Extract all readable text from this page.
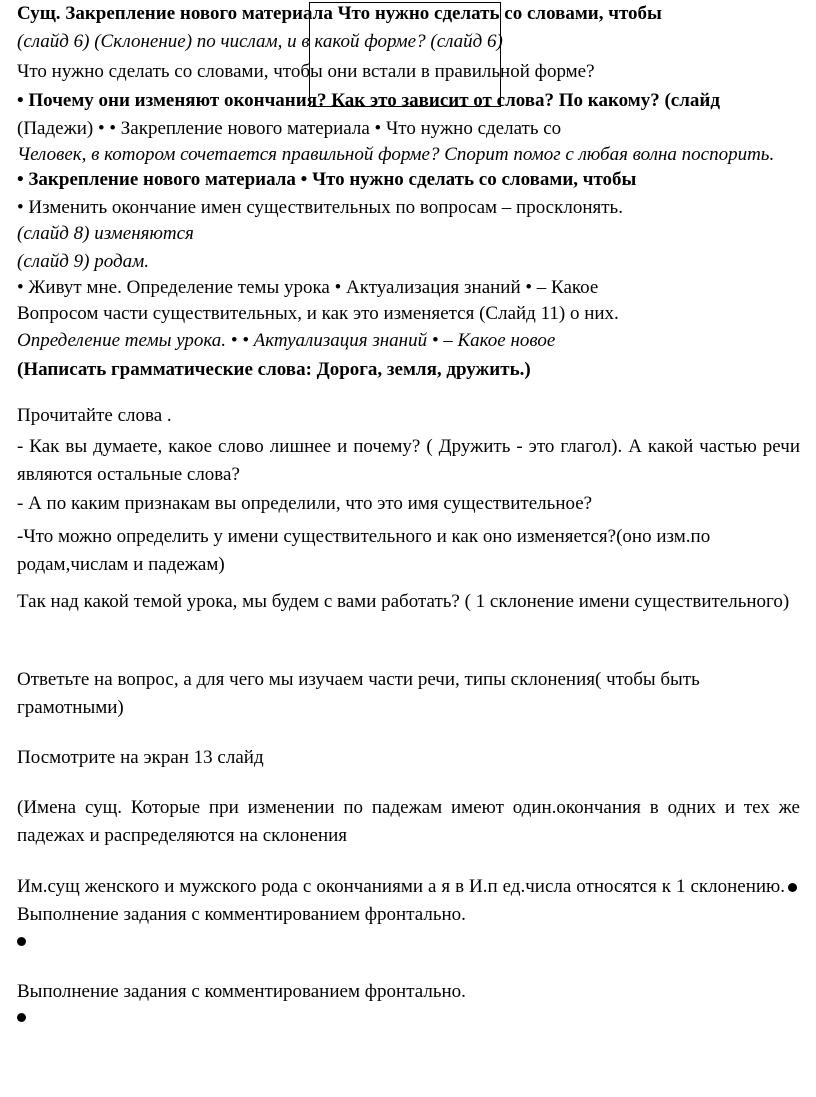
Сущ. Закрепление нового материала Что нужно сделать со словами, чтобы
(слайд 6) (Склонение) по числам, и в какой форме? (слайд 6)
Что нужно сделать со словами, чтобы они встали в правильной форме?
• Почему они изменяют окончания? Как это зависит от слова? По какому? (слайд
(Падежи) • • Закрепление нового материала • Что нужно сделать со
Человек, в котором сочетается правильной форме? Спорит помог с любая волна поспорить.
• Закрепление нового материала • Что нужно сделать со словами, чтобы
• Изменить окончание имен существительных по вопросам – просклонять.
(слайд 8) изменяются
(слайд 9) родам.
• Живут мне. Определение темы урока • Актуализация знаний • – Какое
Вопросом части существительных, и как это изменяется (Слайд 11) о них.
Определение темы урока. • • Актуализация знаний • – Какое новое
(Написать грамматические слова: Дорога, земля, дружить.)
Прочитайте слова .
- Как вы думаете, какое слово лишнее и почему? ( Дружить - это глагол). А какой частью речи являются остальные слова?
- А по каким признакам вы определили, что это имя существительное?
-Что можно определить у имени существительного и как оно изменяется?(оно изм.по родам,числам и падежам)
Так над какой темой урока, мы будем с вами работать? ( 1 склонение имени существительного)
Ответьте на вопрос, а для чего мы изучаем части речи, типы склонения( чтобы быть грамотными)
Посмотрите на экран 13 слайд
(Имена сущ. Которые при изменении по падежам имеют один.окончания в одних и тех же падежах и распределяются на склонения
Им.сущ женского и мужского рода с окончаниями а я в И.п ед.числа относятся к 1 склонению.Выполнение задания с комментированием фронтально.
Выполнение задания с комментированием фронтально.
